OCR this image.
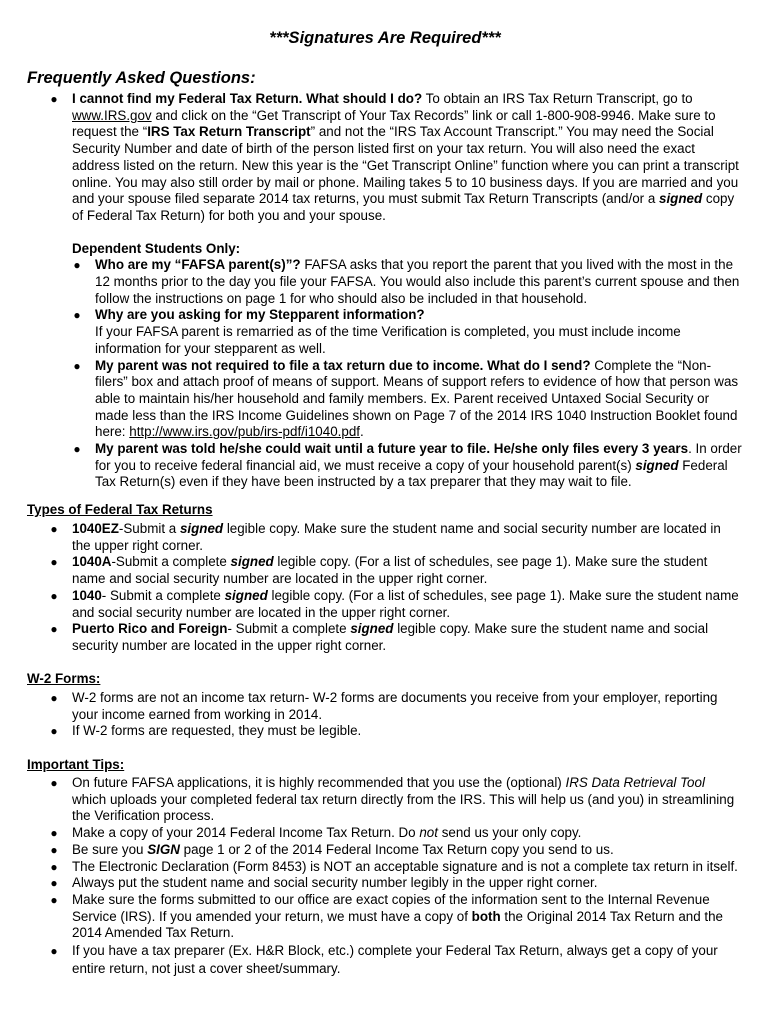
***Signatures Are Required***
Frequently Asked Questions:
● I cannot find my Federal Tax Return. What should I do? To obtain an IRS Tax Return Transcript, go to www.IRS.gov and click on the “Get Transcript of Your Tax Records” link or call 1-800-908-9946. Make sure to request the “IRS Tax Return Transcript” and not the “IRS Tax Account Transcript.” You may need the Social Security Number and date of birth of the person listed first on your tax return. You will also need the exact address listed on the return. New this year is the “Get Transcript Online” function where you can print a transcript online. You may also still order by mail or phone. Mailing takes 5 to 10 business days. If you are married and you and your spouse filed separate 2014 tax returns, you must submit Tax Return Transcripts (and/or a signed copy of Federal Tax Return) for both you and your spouse.
Dependent Students Only:
● Who are my “FAFSA parent(s)”? FAFSA asks that you report the parent that you lived with the most in the 12 months prior to the day you file your FAFSA. You would also include this parent’s current spouse and then follow the instructions on page 1 for who should also be included in that household.
● Why are you asking for my Stepparent information?
If your FAFSA parent is remarried as of the time Verification is completed, you must include income information for your stepparent as well.
● My parent was not required to file a tax return due to income. What do I send? Complete the “Non-filers” box and attach proof of means of support. Means of support refers to evidence of how that person was able to maintain his/her household and family members. Ex. Parent received Untaxed Social Security or made less than the IRS Income Guidelines shown on Page 7 of the 2014 IRS 1040 Instruction Booklet found here: http://www.irs.gov/pub/irs-pdf/i1040.pdf.
● My parent was told he/she could wait until a future year to file. He/she only files every 3 years. In order for you to receive federal financial aid, we must receive a copy of your household parent(s) signed Federal Tax Return(s) even if they have been instructed by a tax preparer that they may wait to file.
Types of Federal Tax Returns
● 1040EZ-Submit a signed legible copy. Make sure the student name and social security number are located in the upper right corner.
● 1040A-Submit a complete signed legible copy. (For a list of schedules, see page 1). Make sure the student name and social security number are located in the upper right corner.
● 1040- Submit a complete signed legible copy. (For a list of schedules, see page 1). Make sure the student name and social security number are located in the upper right corner.
● Puerto Rico and Foreign- Submit a complete signed legible copy. Make sure the student name and social security number are located in the upper right corner.
W-2 Forms:
● W-2 forms are not an income tax return- W-2 forms are documents you receive from your employer, reporting your income earned from working in 2014.
● If W-2 forms are requested, they must be legible.
Important Tips:
● On future FAFSA applications, it is highly recommended that you use the (optional) IRS Data Retrieval Tool which uploads your completed federal tax return directly from the IRS. This will help us (and you) in streamlining the Verification process.
● Make a copy of your 2014 Federal Income Tax Return. Do not send us your only copy.
● Be sure you SIGN page 1 or 2 of the 2014 Federal Income Tax Return copy you send to us.
● The Electronic Declaration (Form 8453) is NOT an acceptable signature and is not a complete tax return in itself.
● Always put the student name and social security number legibly in the upper right corner.
● Make sure the forms submitted to our office are exact copies of the information sent to the Internal Revenue Service (IRS). If you amended your return, we must have a copy of both the Original 2014 Tax Return and the 2014 Amended Tax Return.
● If you have a tax preparer (Ex. H&R Block, etc.) complete your Federal Tax Return, always get a copy of your entire return, not just a cover sheet/summary.
